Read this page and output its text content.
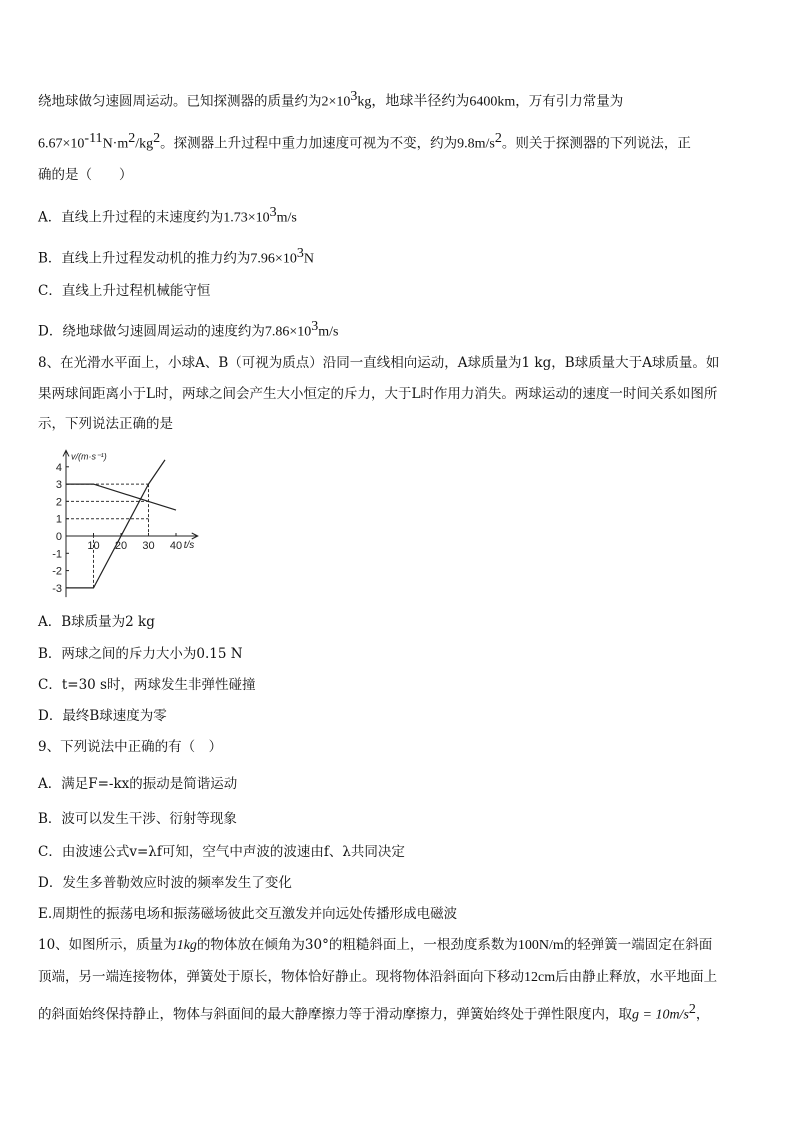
绕地球做匀速圆周运动。已知探测器的质量约为$2\times 10^3kg$，地球半径约为6400km，万有引力常量为
$6.67\times 10^{-11}N\cdot m^2/kg^2$。探测器上升过程中重力加速度可视为不变，约为$9.8m/s^2$。则关于探测器的下列说法，正
确的是（　　）
A．直线上升过程的末速度约为$1.73\times 10^3m/s$
B．直线上升过程发动机的推力约为$7.96\times 10^3N$
C．直线上升过程机械能守恒
D．绕地球做匀速圆周运动的速度约为$7.86\times 10^3m/s$
8、在光滑水平面上，小球A、B（可视为质点）沿同一直线相向运动，A球质量为1 kg，B球质量大于A球质量。如
果两球间距离小于L时，两球之间会产生大小恒定的斥力，大于L时作用力消失。两球运动的速度一时间关系如图所
示，下列说法正确的是
v/(m·s⁻¹)
t/s
4
3
2
1
0
-1
-2
-3
10 20 30 40
A．B球质量为2 kg
B．两球之间的斥力大小为0.15 N
C．t=30 s时，两球发生非弹性碰撞
D．最终B球速度为零
9、下列说法中正确的有（　）
A．满足F=-kx的振动是简谐运动
B．波可以发生干涉、衍射等现象
C．由波速公式v=λf可知，空气中声波的波速由f、λ共同决定
D．发生多普勒效应时波的频率发生了变化
E.周期性的振荡电场和振荡磁场彼此交互激发并向远处传播形成电磁波
10、如图所示，质量为1kg的物体放在倾角为30°的粗糙斜面上，一根劲度系数为100N/m的轻弹簧一端固定在斜面
顶端，另一端连接物体，弹簧处于原长，物体恰好静止。现将物体沿斜面向下移动12cm后由静止释放，水平地面上
的斜面始终保持静止，物体与斜面间的最大静摩擦力等于滑动摩擦力，弹簧始终处于弹性限度内，取$g = 10m/s^2$，
